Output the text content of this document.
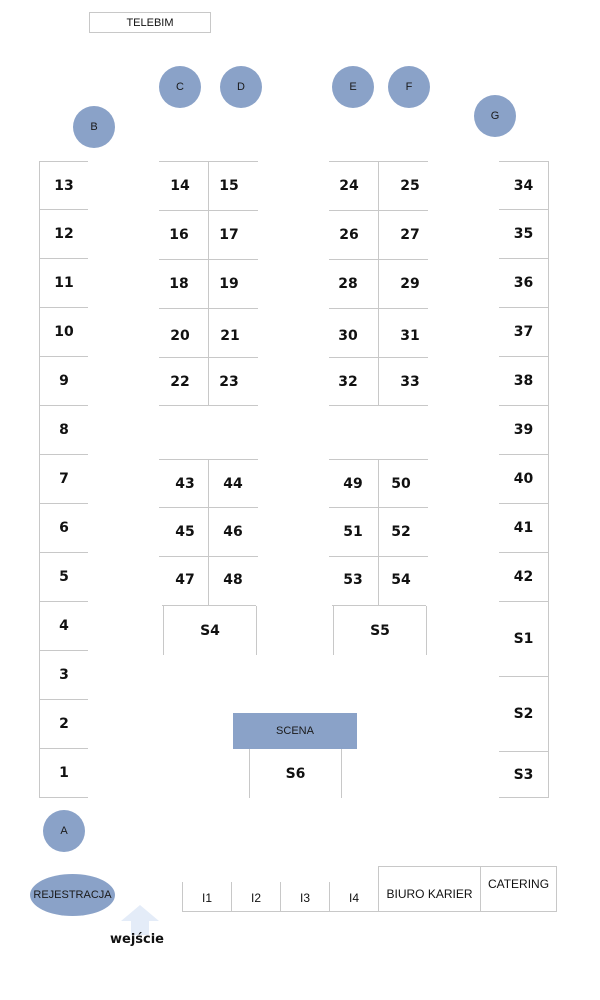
TELEBIM
B
C	D	E	F
G
A
13
12
11
10
9
8
7
6
5
4
3
2
1
34
35
36
37
38
39
40
41
42
S1
S2
S3
14
16
18
20
22
15
17
19
21
23
24
26
28
30
32
25
27
29
31
33
43
45
47
44
46
48
S4
49
51
53
50
52
54
S5
SCENA
S6
I1	I2	I3	I4	BIURO KARIER
CATERING
REJESTRACJA
wejście
